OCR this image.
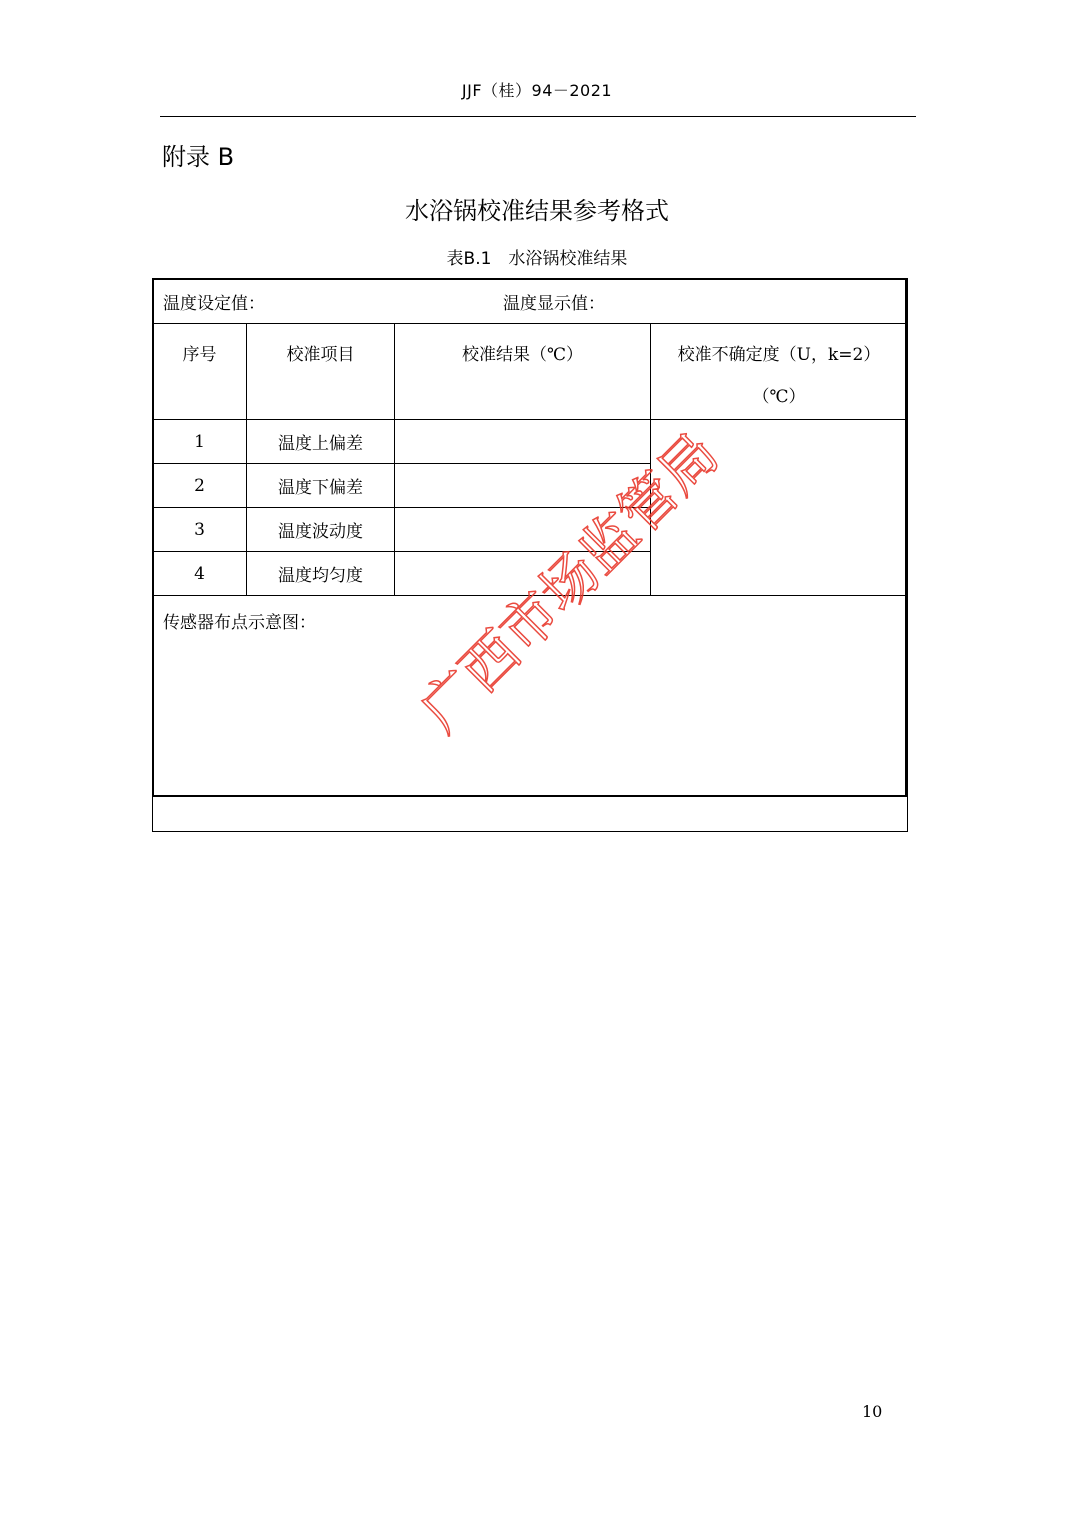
JJF（桂）94－2021
附录 B
水浴锅校准结果参考格式
表B.1　水浴锅校准结果
温度设定值： 温度显示值：			
序号	校准项目	校准结果（℃）	校准不确定度（U，k=2）
（℃）

1	温度上偏差		
2	温度下偏差		
3	温度波动度		
4	温度均匀度		
传感器布点示意图：			广西市场监管局
10
